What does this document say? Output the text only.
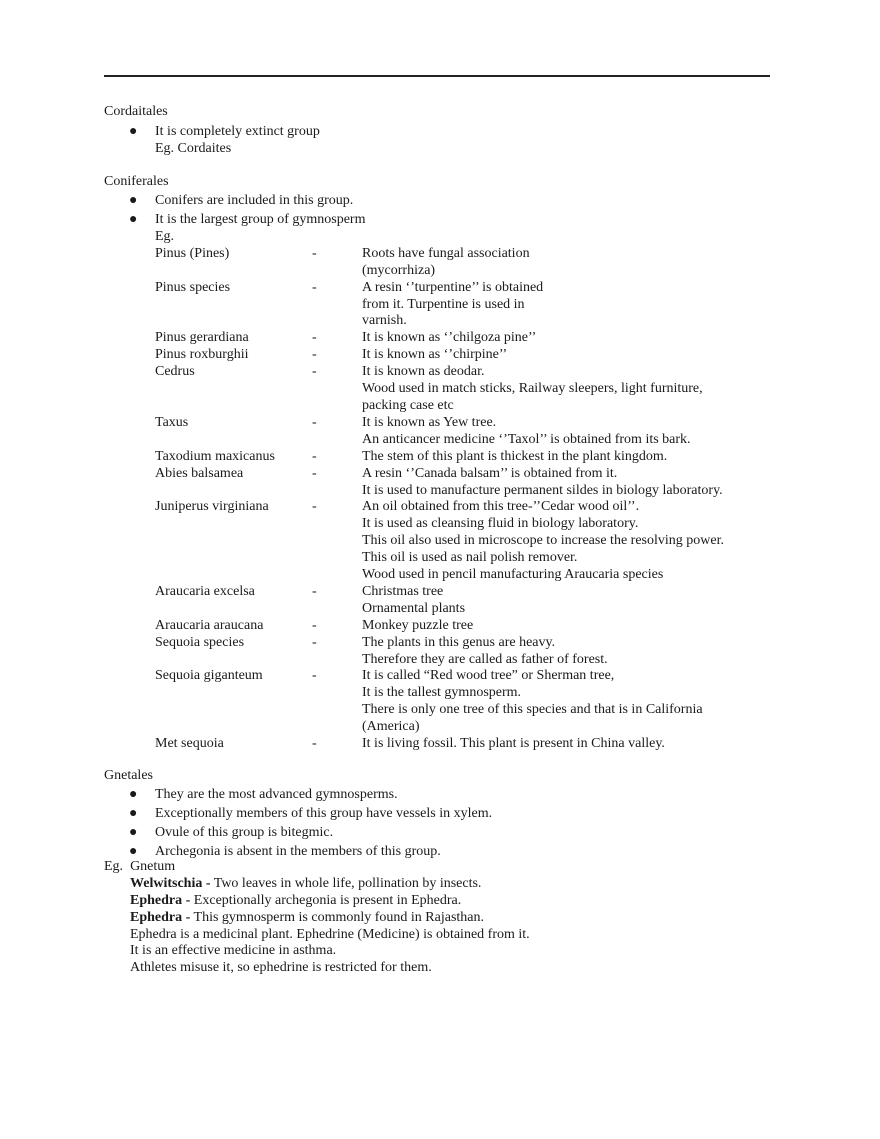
Cordaitales
● It is completely extinct group
Eg. Cordaites
Coniferales
● Conifers are included in this group.
● It is the largest group of gymnosperm
Eg.
Pinus (Pines)	-	Roots have fungal association
(mycorrhiza)
Pinus species	-	A resin ‘’turpentine’’ is obtained
from it. Turpentine is used in
varnish.
Pinus gerardiana	-	It is known as ‘’chilgoza pine’’
Pinus roxburghii	-	It is known as ‘’chirpine’’
Cedrus	-	It is known as deodar.
Wood used in match sticks, Railway sleepers, light furniture,
packing case etc
Taxus	-	It is known as Yew tree.
An anticancer medicine ‘’Taxol’’ is obtained from its bark.
Taxodium maxicanus	-	The stem of this plant is thickest in the plant kingdom.
Abies balsamea	-	A resin ‘’Canada balsam’’ is obtained from it.
It is used to manufacture permanent sildes in biology laboratory.
Juniperus virginiana	-	An oil obtained from this tree-’’Cedar wood oil’’.
It is used as cleansing fluid in biology laboratory.
This oil also used in microscope to increase the resolving power.
This oil is used as nail polish remover.
Wood used in pencil manufacturing Araucaria species
Araucaria excelsa	-	Christmas tree
Ornamental plants
Araucaria araucana	-	Monkey puzzle tree
Sequoia species	-	The plants in this genus are heavy.
Therefore they are called as father of forest.
Sequoia giganteum	-	It is called “Red wood tree” or Sherman tree,
It is the tallest gymnosperm.
There is only one tree of this species and that is in California
(America)
Met sequoia	-	It is living fossil. This plant is present in China valley.
Gnetales
● They are the most advanced gymnosperms.
● Exceptionally members of this group have vessels in xylem.
● Ovule of this group is bitegmic.
● Archegonia is absent in the members of this group.
Eg. Gnetum
Welwitschia - Two leaves in whole life, pollination by insects.
Ephedra - Exceptionally archegonia is present in Ephedra.
Ephedra - This gymnosperm is commonly found in Rajasthan.
Ephedra is a medicinal plant. Ephedrine (Medicine) is obtained from it.
It is an effective medicine in asthma.
Athletes misuse it, so ephedrine is restricted for them.
